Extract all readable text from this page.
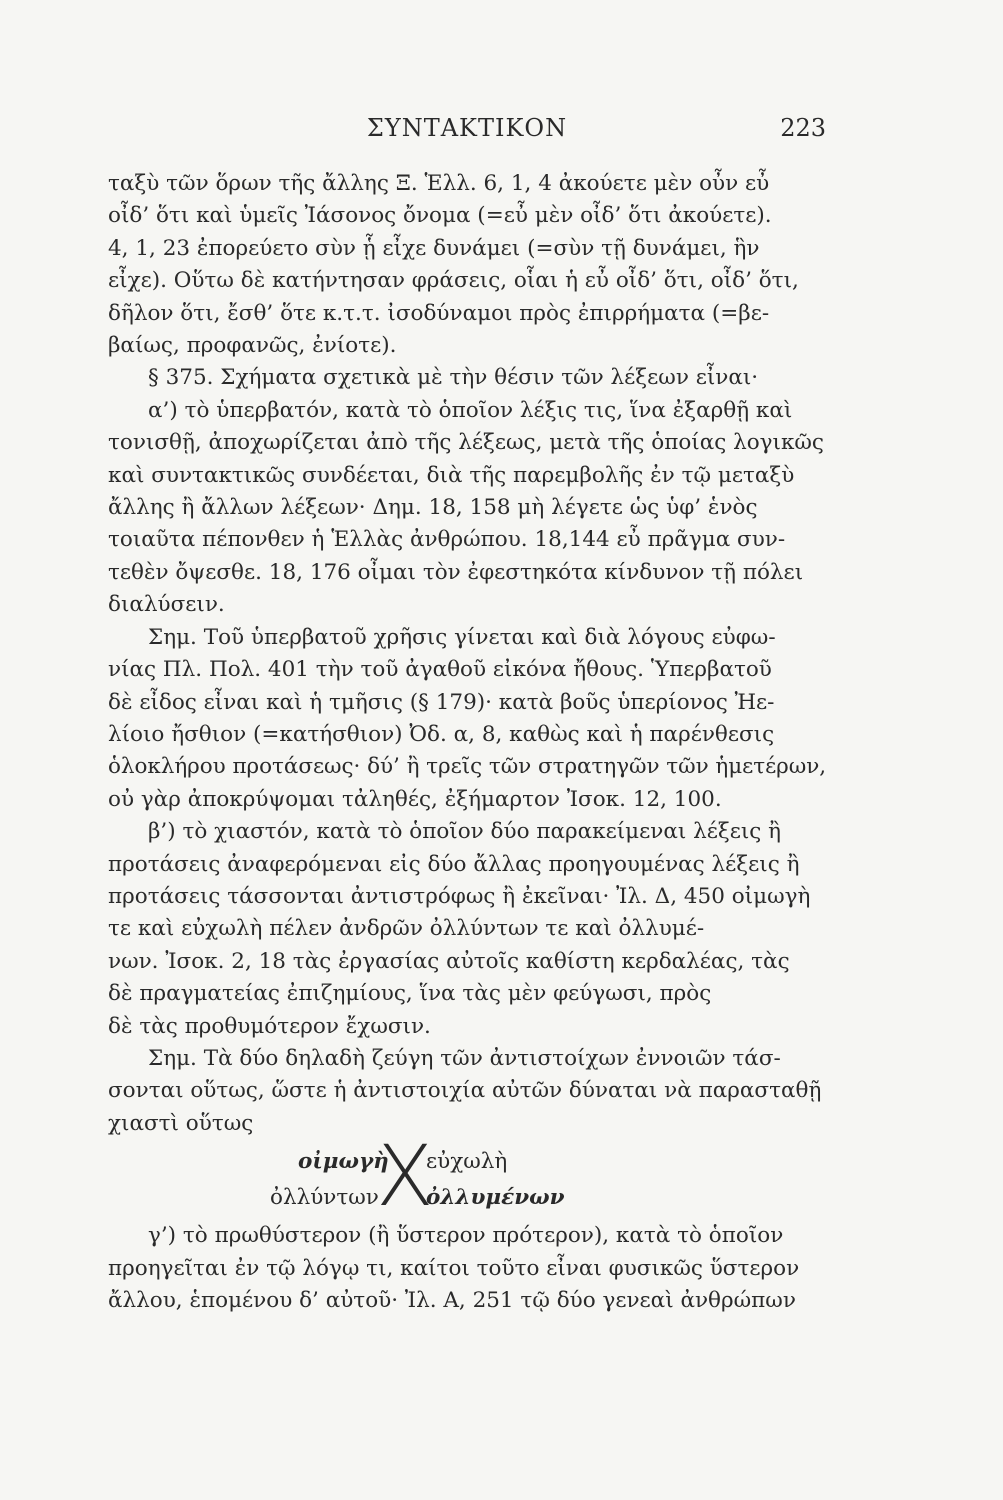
ΣΥΝΤΑΚΤΙΚΟΝ	223
ταξὺ τῶν ὅρων τῆς ἄλλης Ξ. Ἑλλ. 6, 1, 4 ἀκούετε μὲν οὖν εὖ
οἶδ’ ὅτι καὶ ὑμεῖς Ἰάσονος ὄνομα (=εὖ μὲν οἶδ’ ὅτι ἀκούετε).
4, 1, 23 ἐπορεύετο σὺν ᾗ εἶχε δυνάμει (=σὺν τῇ δυνάμει, ἣν
εἶχε). Οὕτω δὲ κατήντησαν φράσεις, οἷαι ἡ εὖ οἶδ’ ὅτι, οἶδ’ ὅτι,
δῆλον ὅτι, ἔσθ’ ὅτε κ.τ.τ. ἰσοδύναμοι πρὸς ἐπιρρήματα (=βε-
βαίως, προφανῶς, ἐνίοτε).
§ 375. Σχήματα σχετικὰ μὲ τὴν θέσιν τῶν λέξεων εἶναι·
α’) τὸ ὑπερβατόν, κατὰ τὸ ὁποῖον λέξις τις, ἵνα ἐξαρθῇ καὶ
τονισθῇ, ἀποχωρίζεται ἀπὸ τῆς λέξεως, μετὰ τῆς ὁποίας λογικῶς
καὶ συντακτικῶς συνδέεται, διὰ τῆς παρεμβολῆς ἐν τῷ μεταξὺ
ἄλλης ἢ ἄλλων λέξεων· Δημ. 18, 158 μὴ λέγετε ὡς ὑφ’ ἑνὸς
τοιαῦτα πέπονθεν ἡ Ἑλλὰς ἀνθρώπου. 18,144 εὖ πρᾶγμα συν-
τεθὲν ὄψεσθε. 18, 176 οἶμαι τὸν ἐφεστηκότα κίνδυνον τῇ πόλει
διαλύσειν.
Σημ. Τοῦ ὑπερβατοῦ χρῆσις γίνεται καὶ διὰ λόγους εὐφω-
νίας Πλ. Πολ. 401 τὴν τοῦ ἀγαθοῦ εἰκόνα ἤθους. Ὑπερβατοῦ
δὲ εἶδος εἶναι καὶ ἡ τμῆσις (§ 179)· κατὰ βοῦς ὑπερίονος Ἠε-
λίοιο ἤσθιον (=κατήσθιον) Ὀδ. α, 8, καθὼς καὶ ἡ παρένθεσις
ὁλοκλήρου προτάσεως· δύ’ ἢ τρεῖς τῶν στρατηγῶν τῶν ἡμετέρων,
οὐ γὰρ ἀποκρύψομαι τἀληθές, ἐξήμαρτον Ἰσοκ. 12, 100.
β’) τὸ χιαστόν, κατὰ τὸ ὁποῖον δύο παρακείμεναι λέξεις ἢ
προτάσεις ἀναφερόμεναι εἰς δύο ἄλλας προηγουμένας λέξεις ἢ
προτάσεις τάσσονται ἀντιστρόφως ἢ ἐκεῖναι· Ἰλ. Δ, 450 οἰμωγὴ
τε καὶ εὐχωλὴ πέλεν ἀνδρῶν ὀλλύντων τε καὶ ὀλλυμέ-
νων. Ἰσοκ. 2, 18 τὰς ἐργασίας αὐτοῖς καθίστη κερδαλέας, τὰς
δὲ πραγματείας ἐπιζημίους, ἵνα τὰς μὲν φεύγωσι, πρὸς
δὲ τὰς προθυμότερον ἔχωσιν.
Σημ. Τὰ δύο δηλαδὴ ζεύγη τῶν ἀντιστοίχων ἐννοιῶν τάσ-
σονται οὕτως, ὥστε ἡ ἀντιστοιχία αὐτῶν δύναται νὰ παρασταθῇ
χιαστὶ οὕτως
οἰμωγὴ
X
εὐχωλὴ
ὀλλύντων ὀλλυμένων
γ’) τὸ πρωθύστερον (ἢ ὕστερον πρότερον), κατὰ τὸ ὁποῖον
προηγεῖται ἐν τῷ λόγῳ τι, καίτοι τοῦτο εἶναι φυσικῶς ὕστερον
ἄλλου, ἑπομένου δ’ αὐτοῦ· Ἰλ. Α, 251 τῷ δύο γενεαὶ ἀνθρώπων
